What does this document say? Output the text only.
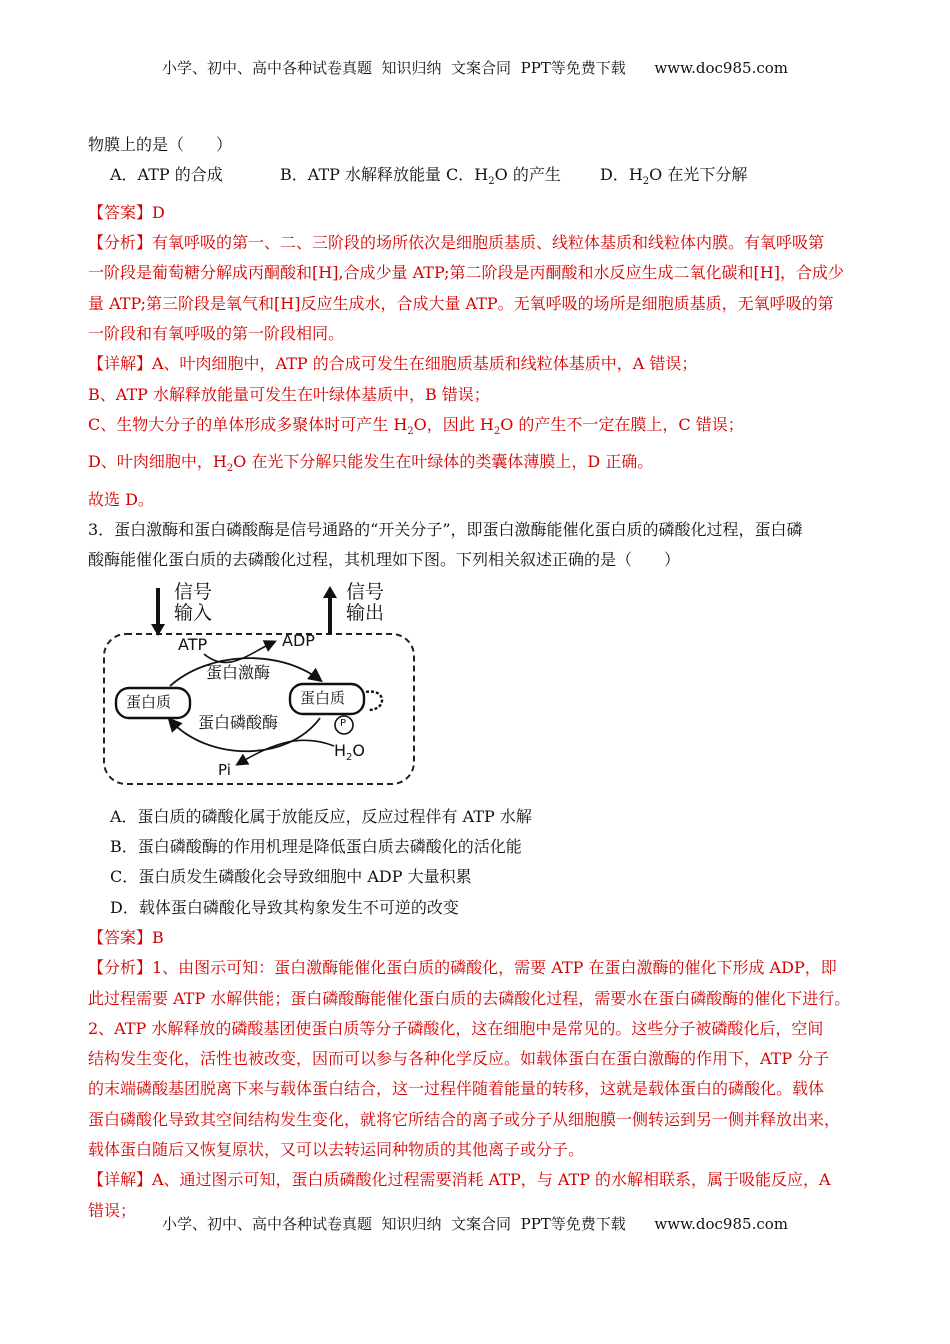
小学、初中、高中各种试卷真题  知识归纳  文案合同  PPT等免费下载      www.doc985.com
物膜上的是（　　）
A．ATP 的合成	B．ATP 水解释放能量 C．$H_2O$ 的产生	D．$H_2O$ 在光下分解
【答案】D
【分析】有氧呼吸的第一、二、三阶段的场所依次是细胞质基质、线粒体基质和线粒体内膜。有氧呼吸第
一阶段是葡萄糖分解成丙酮酸和[H],合成少量 ATP;第二阶段是丙酮酸和水反应生成二氧化碳和[H]，合成少
量 ATP;第三阶段是氧气和[H]反应生成水，合成大量 ATP。无氧呼吸的场所是细胞质基质，无氧呼吸的第
一阶段和有氧呼吸的第一阶段相同。
【详解】A、叶肉细胞中，ATP 的合成可发生在细胞质基质和线粒体基质中，A 错误；
B、ATP 水解释放能量可发生在叶绿体基质中，B 错误；
C、生物大分子的单体形成多聚体时可产生 $H_2O$，因此 $H_2O$ 的产生不一定在膜上，C 错误；
D、叶肉细胞中，$H_2O$ 在光下分解只能发生在叶绿体的类囊体薄膜上，D 正确。
故选 D。
3．蛋白激酶和蛋白磷酸酶是信号通路的“开关分子”，即蛋白激酶能催化蛋白质的磷酸化过程，蛋白磷
酸酶能催化蛋白质的去磷酸化过程，其机理如下图。下列相关叙述正确的是（　　）
信号
输入
信号
输出
ATP	ADP
蛋白激酶
蛋白质	蛋白质
P
蛋白磷酸酶
Pi
$H_2O$
A．蛋白质的磷酸化属于放能反应，反应过程伴有 ATP 水解
B．蛋白磷酸酶的作用机理是降低蛋白质去磷酸化的活化能
C．蛋白质发生磷酸化会导致细胞中 ADP 大量积累
D．载体蛋白磷酸化导致其构象发生不可逆的改变
【答案】B
【分析】1、由图示可知：蛋白激酶能催化蛋白质的磷酸化，需要 ATP 在蛋白激酶的催化下形成 ADP，即
此过程需要 ATP 水解供能；蛋白磷酸酶能催化蛋白质的去磷酸化过程，需要水在蛋白磷酸酶的催化下进行。
2、ATP 水解释放的磷酸基团使蛋白质等分子磷酸化，这在细胞中是常见的。这些分子被磷酸化后，空间
结构发生变化，活性也被改变，因而可以参与各种化学反应。如载体蛋白在蛋白激酶的作用下，ATP 分子
的末端磷酸基团脱离下来与载体蛋白结合，这一过程伴随着能量的转移，这就是载体蛋白的磷酸化。载体
蛋白磷酸化导致其空间结构发生变化，就将它所结合的离子或分子从细胞膜一侧转运到另一侧并释放出来，
载体蛋白随后又恢复原状，又可以去转运同种物质的其他离子或分子。
【详解】A、通过图示可知，蛋白质磷酸化过程需要消耗 ATP，与 ATP 的水解相联系，属于吸能反应，A
错误；
小学、初中、高中各种试卷真题  知识归纳  文案合同  PPT等免费下载      www.doc985.com
